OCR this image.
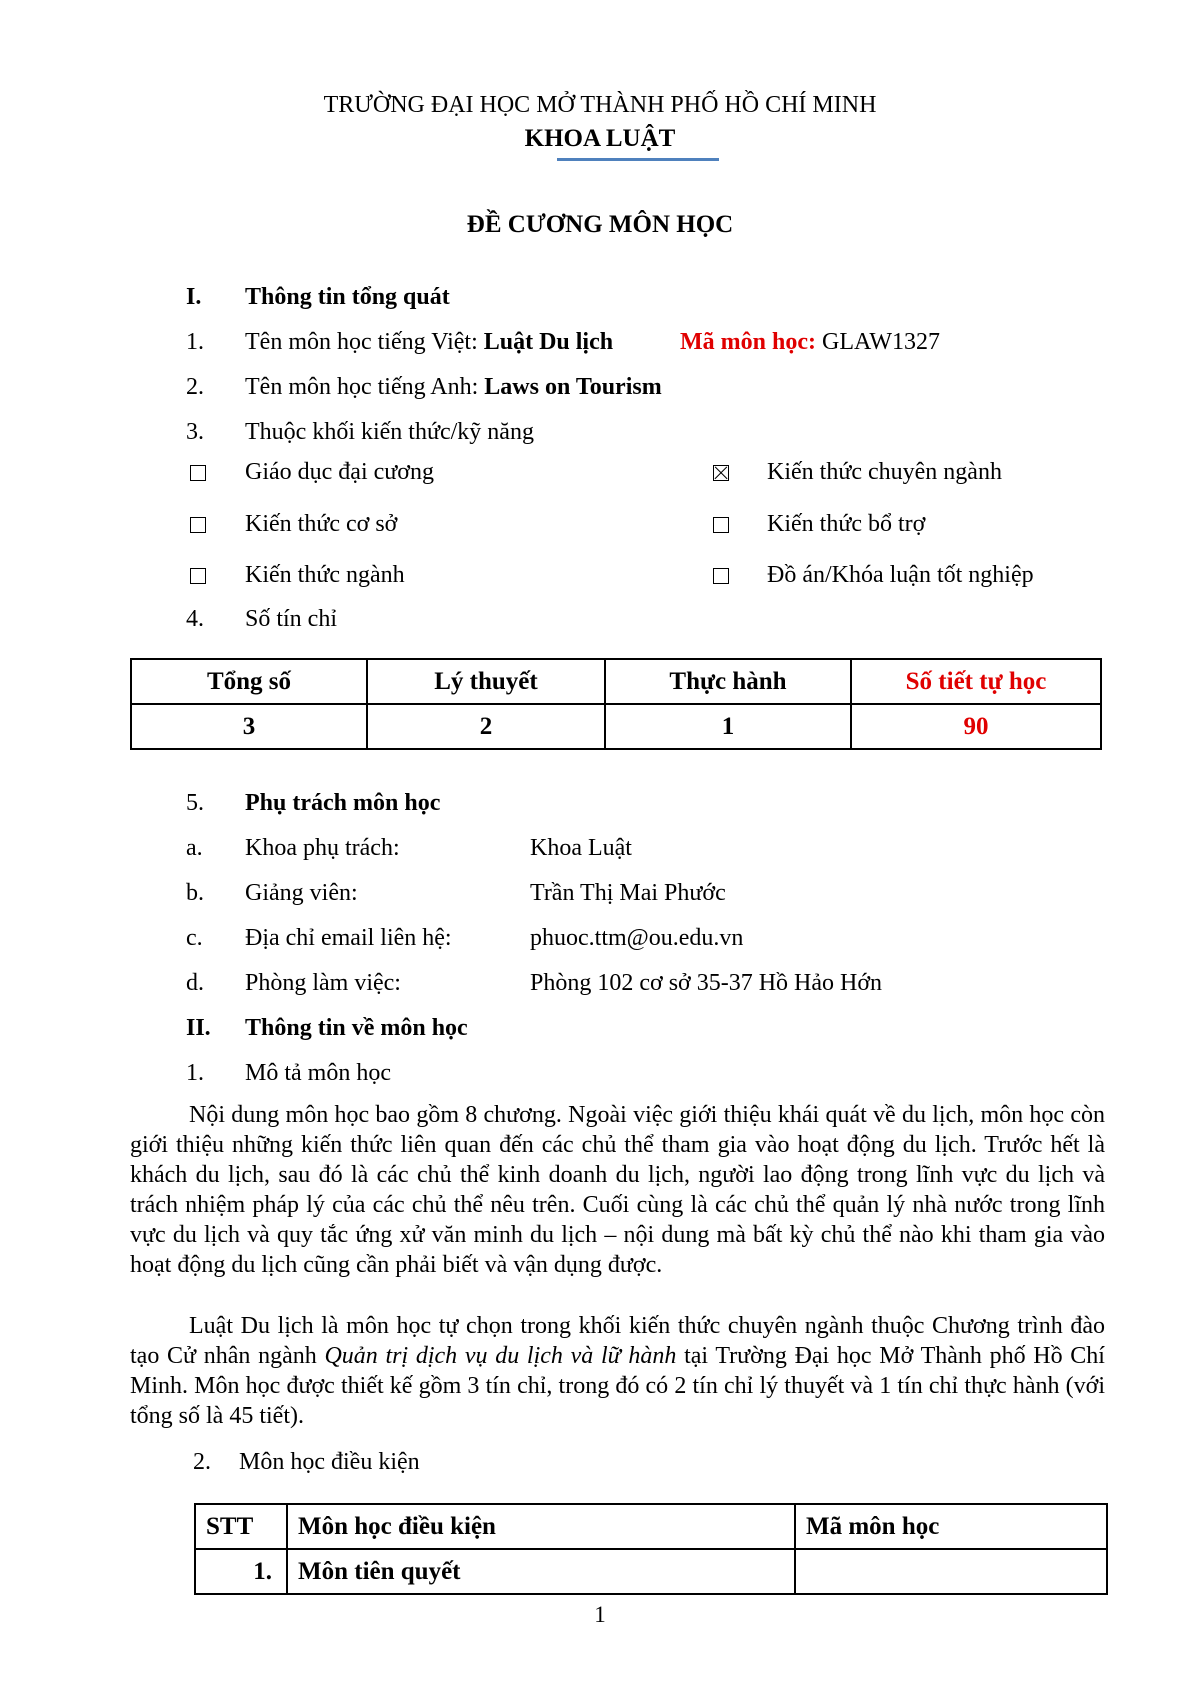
TRƯỜNG ĐẠI HỌC MỞ THÀNH PHỐ HỒ CHÍ MINH
KHOA LUẬT
ĐỀ CƯƠNG MÔN HỌC
I. Thông tin tổng quát
1. Tên môn học tiếng Việt: Luật Du lịch	Mã môn học: GLAW1327
2. Tên môn học tiếng Anh: Laws on Tourism
3. Thuộc khối kiến thức/kỹ năng
Giáo dục đại cương
Kiến thức cơ sở
Kiến thức ngành
Kiến thức chuyên ngành
Kiến thức bổ trợ
Đồ án/Khóa luận tốt nghiệp
4. Số tín chỉ
Tổng số	Lý thuyết	Thực hành	Số tiết tự học
3	2	1	90
5. Phụ trách môn học
a. Khoa phụ trách:	Khoa Luật
b. Giảng viên:	Trần Thị Mai Phước
c. Địa chỉ email liên hệ:	phuoc.ttm@ou.edu.vn
d. Phòng làm việc:	Phòng 102 cơ sở 35-37 Hồ Hảo Hớn
II. Thông tin về môn học
1. Mô tả môn học
Nội dung môn học bao gồm 8 chương. Ngoài việc giới thiệu khái quát về du lịch, môn học còn giới thiệu những kiến thức liên quan đến các chủ thể tham gia vào hoạt động du lịch. Trước hết là khách du lịch, sau đó là các chủ thể kinh doanh du lịch, người lao động trong lĩnh vực du lịch và trách nhiệm pháp lý của các chủ thể nêu trên. Cuối cùng là các chủ thể quản lý nhà nước trong lĩnh vực du lịch và quy tắc ứng xử văn minh du lịch – nội dung mà bất kỳ chủ thể nào khi tham gia vào hoạt động du lịch cũng cần phải biết và vận dụng được.
Luật Du lịch là môn học tự chọn trong khối kiến thức chuyên ngành thuộc Chương trình đào tạo Cử nhân ngành Quản trị dịch vụ du lịch và lữ hành tại Trường Đại học Mở Thành phố Hồ Chí Minh. Môn học được thiết kế gồm 3 tín chỉ, trong đó có 2 tín chỉ lý thuyết và 1 tín chỉ thực hành (với tổng số là 45 tiết).
2. Môn học điều kiện
STT	Môn học điều kiện	Mã môn học
1.	Môn tiên quyết	
1
